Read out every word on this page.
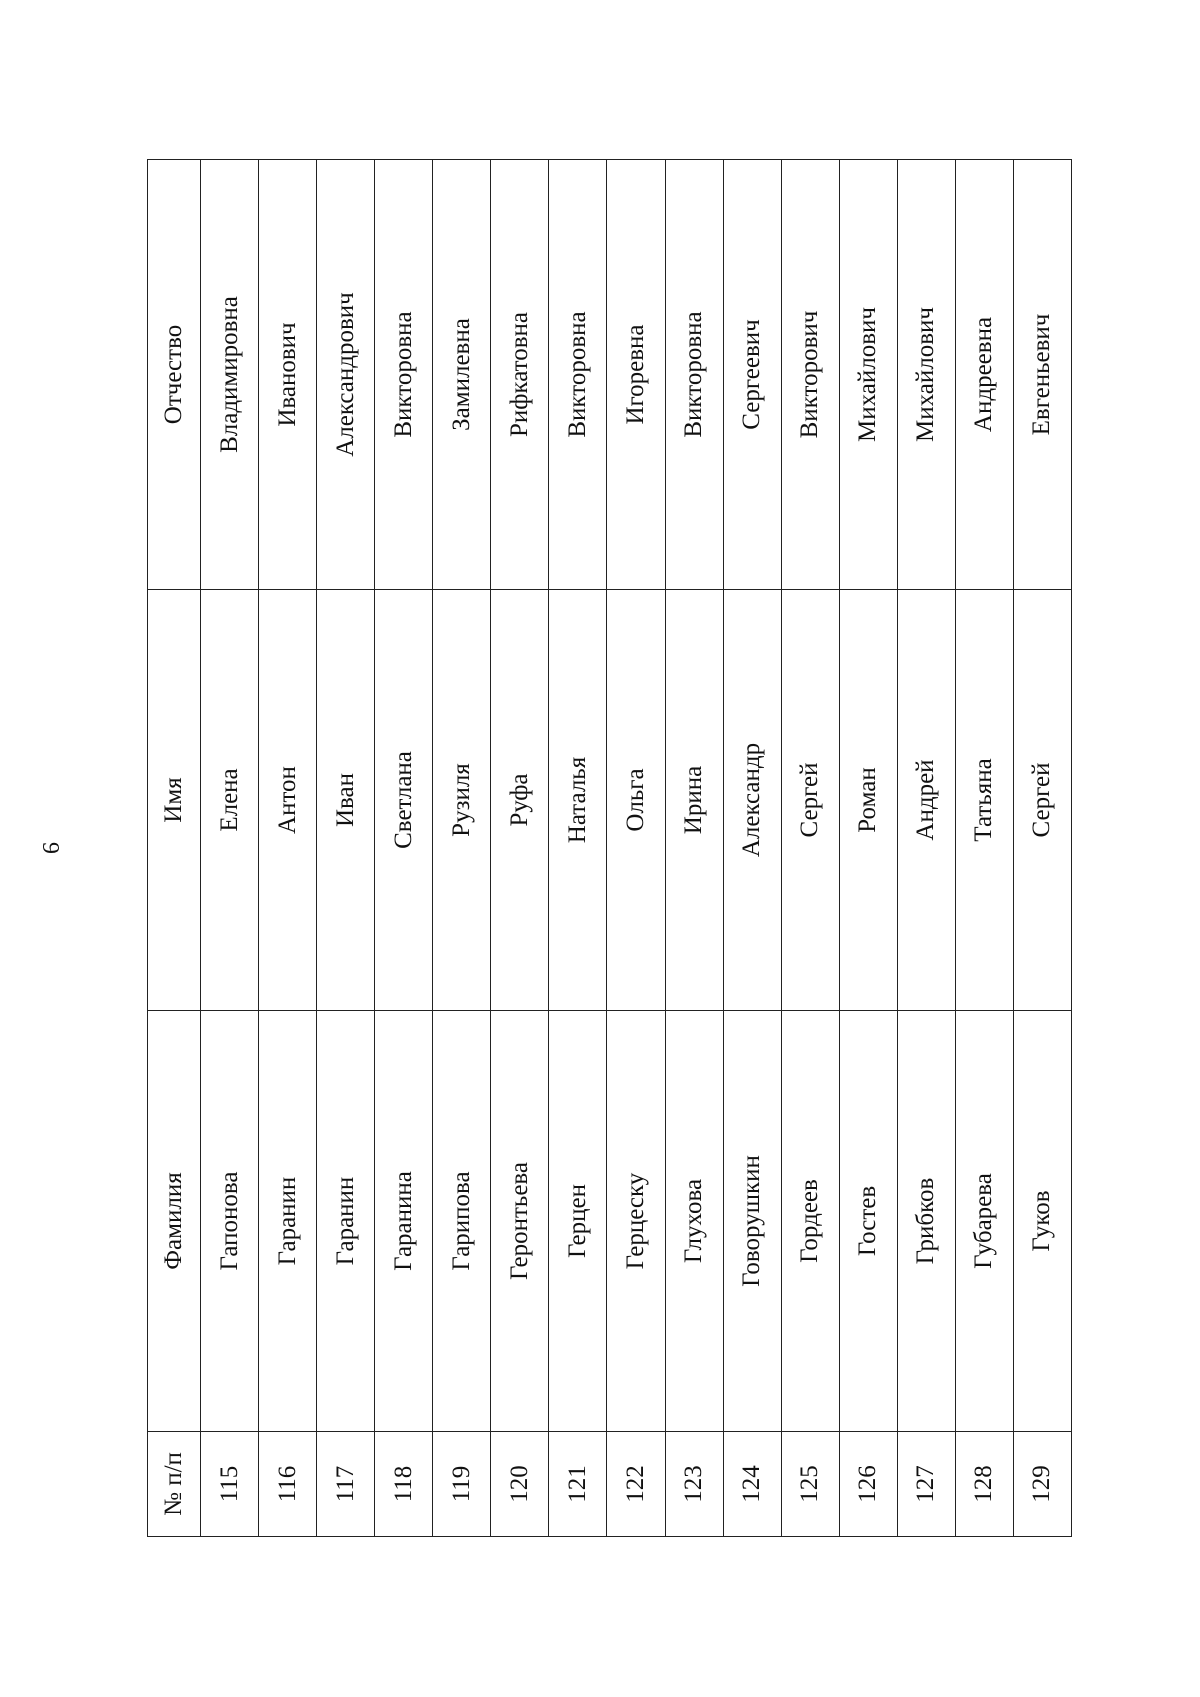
9
№ п/п	Фамилия	Имя	Отчество
115	Гапонова	Елена	Владимировна
116	Гаранин	Антон	Иванович
117	Гаранин	Иван	Александрович
118	Гаранина	Светлана	Викторовна
119	Гарипова	Рузиля	Замилевна
120	Геронтьева	Руфа	Рифкатовна
121	Герцен	Наталья	Викторовна
122	Герцеску	Ольга	Игоревна
123	Глухова	Ирина	Викторовна
124	Говорушкин	Александр	Сергеевич
125	Гордеев	Сергей	Викторович
126	Гостев	Роман	Михайлович
127	Грибков	Андрей	Михайлович
128	Губарева	Татьяна	Андреевна
129	Гуков	Сергей	Евгеньевич
